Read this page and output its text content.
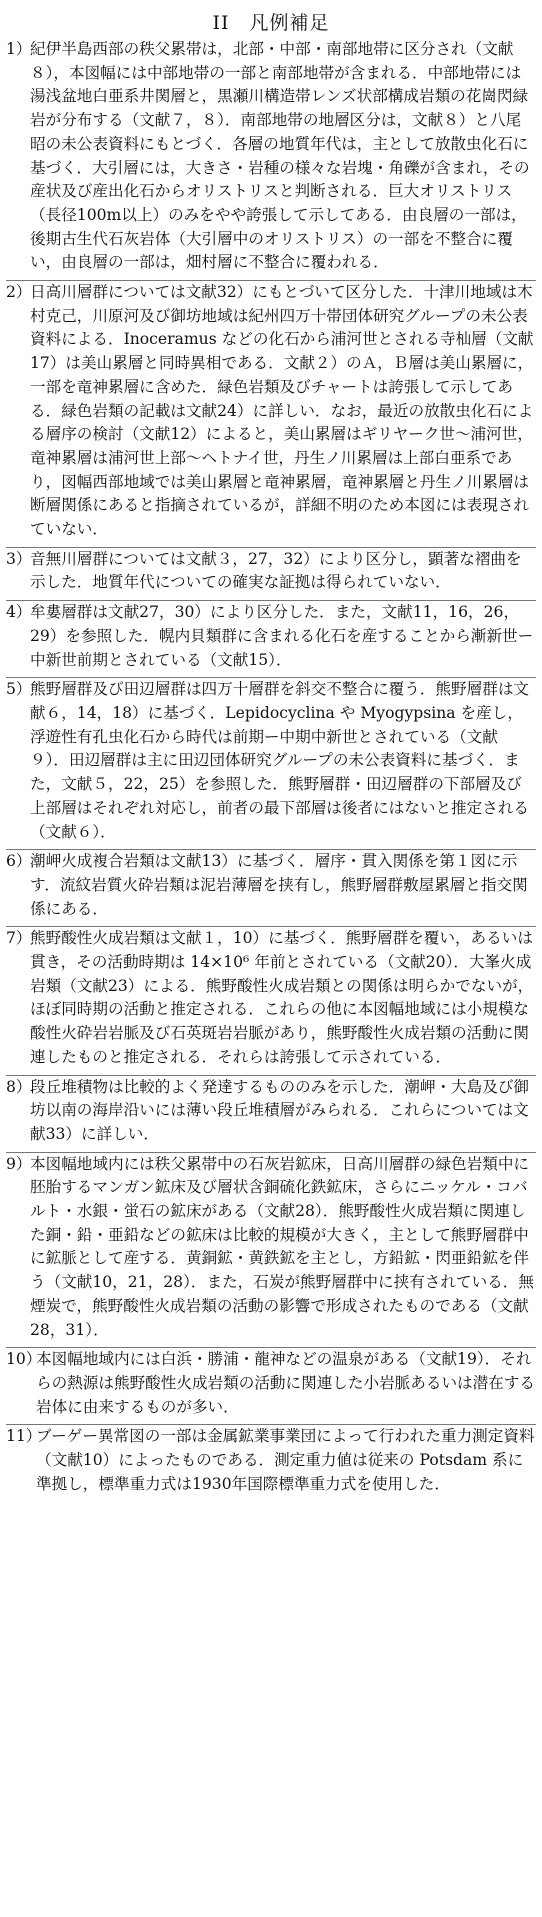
II　凡例補足
1）
紀伊半島西部の秩父累帯は，北部・中部・南部地帯に区分され（文献８），本図幅には中部地帯の一部と南部地帯が含まれる．中部地帯には湯浅盆地白亜系井関層と，黒瀬川構造帯レンズ状部構成岩類の花崗閃緑岩が分布する（文献７，８）．南部地帯の地層区分は，文献８）と八尾昭の未公表資料にもとづく．各層の地質年代は，主として放散虫化石に基づく．大引層には，大きさ・岩種の様々な岩塊・角礫が含まれ，その産状及び産出化石からオリストリスと判断される．巨大オリストリス（長径100m以上）のみをやや誇張して示してある．由良層の一部は，後期古生代石灰岩体（大引層中のオリストリス）の一部を不整合に覆い，由良層の一部は，畑村層に不整合に覆われる．
2）
日高川層群については文献32）にもとづいて区分した．十津川地域は木村克己，川原河及び御坊地域は紀州四万十帯団体研究グループの未公表資料による．Inoceramus などの化石から浦河世とされる寺杣層（文献17）は美山累層と同時異相である．文献２）のＡ，Ｂ層は美山累層に，一部を竜神累層に含めた．緑色岩類及びチャートは誇張して示してある．緑色岩類の記載は文献24）に詳しい．なお，最近の放散虫化石による層序の検討（文献12）によると，美山累層はギリヤーク世〜浦河世，竜神累層は浦河世上部〜ヘトナイ世，丹生ノ川累層は上部白亜系であり，図幅西部地域では美山累層と竜神累層，竜神累層と丹生ノ川累層は断層関係にあると指摘されているが，詳細不明のため本図には表現されていない．
3）
音無川層群については文献３，27，32）により区分し，顕著な褶曲を示した．地質年代についての確実な証拠は得られていない．
4）
牟婁層群は文献27，30）により区分した．また，文献11，16，26，29）を参照した．幌内貝類群に含まれる化石を産することから漸新世ー中新世前期とされている（文献15）．
5）
熊野層群及び田辺層群は四万十層群を斜交不整合に覆う．熊野層群は文献６，14，18）に基づく．Lepidocyclina や Myogypsina を産し，浮遊性有孔虫化石から時代は前期ー中期中新世とされている（文献９）．田辺層群は主に田辺団体研究グループの未公表資料に基づく．また，文献５，22，25）を参照した．熊野層群・田辺層群の下部層及び上部層はそれぞれ対応し，前者の最下部層は後者にはないと推定される（文献６）．
6）
潮岬火成複合岩類は文献13）に基づく．層序・貫入関係を第１図に示す．流紋岩質火砕岩類は泥岩薄層を挟有し，熊野層群敷屋累層と指交関係にある．
7）
熊野酸性火成岩類は文献１，10）に基づく．熊野層群を覆い，あるいは貫き，その活動時期は 14×10⁶ 年前とされている（文献20）．大峯火成岩類（文献23）による．熊野酸性火成岩類との関係は明らかでないが，ほぼ同時期の活動と推定される．これらの他に本図幅地域には小規模な酸性火砕岩岩脈及び石英斑岩岩脈があり，熊野酸性火成岩類の活動に関連したものと推定される．それらは誇張して示されている．
8）
段丘堆積物は比較的よく発達するもののみを示した．潮岬・大島及び御坊以南の海岸沿いには薄い段丘堆積層がみられる．これらについては文献33）に詳しい．
9）
本図幅地域内には秩父累帯中の石灰岩鉱床，日高川層群の緑色岩類中に胚胎するマンガン鉱床及び層状含銅硫化鉄鉱床，さらにニッケル・コバルト・水銀・蛍石の鉱床がある（文献28）．熊野酸性火成岩類に関連した銅・鉛・亜鉛などの鉱床は比較的規模が大きく，主として熊野層群中に鉱脈として産する．黄銅鉱・黄鉄鉱を主とし，方鉛鉱・閃亜鉛鉱を伴う（文献10，21，28）．また，石炭が熊野層群中に挟有されている．無煙炭で，熊野酸性火成岩類の活動の影響で形成されたものである（文献28，31）．
10）
本図幅地域内には白浜・勝浦・龍神などの温泉がある（文献19）．それらの熱源は熊野酸性火成岩類の活動に関連した小岩脈あるいは潜在する岩体に由来するものが多い．
11）
ブーゲー異常図の一部は金属鉱業事業団によって行われた重力測定資料（文献10）によったものである．測定重力値は従来の Potsdam 系に準拠し，標準重力式は1930年国際標準重力式を使用した．
